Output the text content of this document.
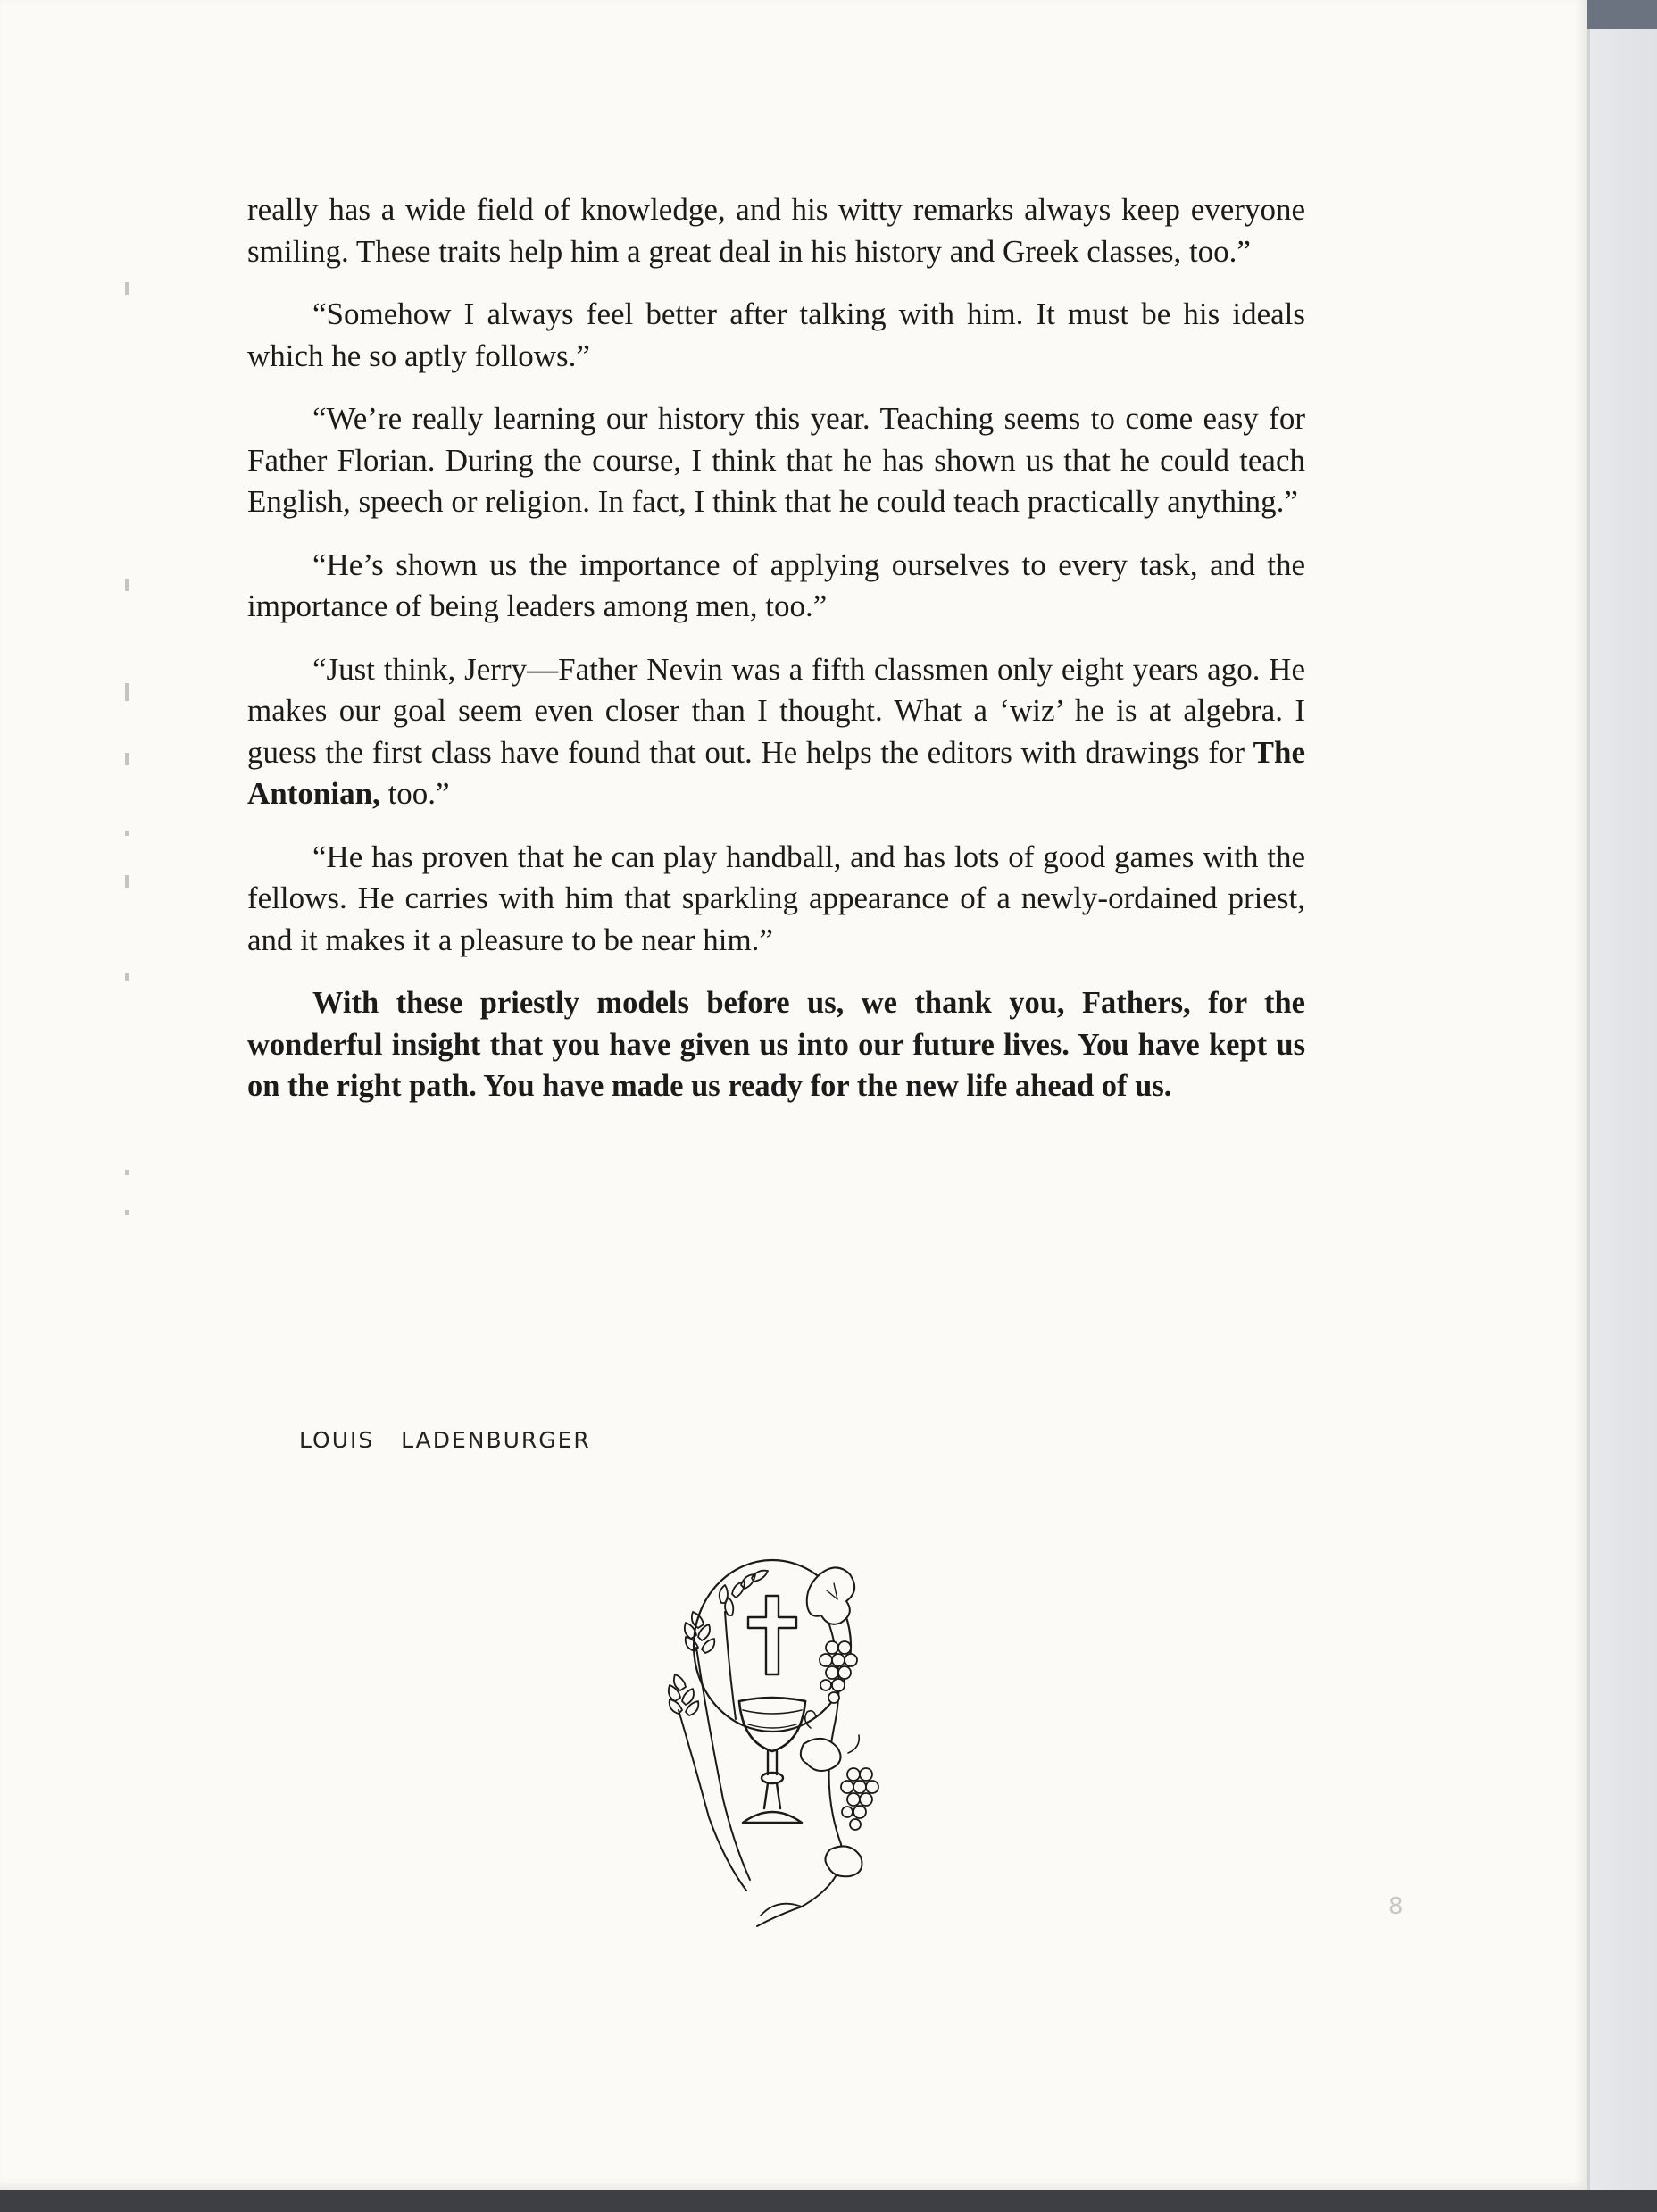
really has a wide field of knowledge, and his witty remarks always keep everyone smiling. These traits help him a great deal in his history and Greek classes, too.”

“Somehow I always feel better after talking with him. It must be his ideals which he so aptly follows.”

“We’re really learning our history this year. Teaching seems to come easy for Father Florian. During the course, I think that he has shown us that he could teach English, speech or religion. In fact, I think that he could teach practically anything.”

“He’s shown us the importance of applying ourselves to every task, and the importance of being leaders among men, too.”

“Just think, Jerry—Father Nevin was a fifth classmen only eight years ago. He makes our goal seem even closer than I thought. What a ‘wiz’ he is at algebra. I guess the first class have found that out. He helps the editors with drawings for The Antonian, too.”

“He has proven that he can play handball, and has lots of good games with the fellows. He carries with him that sparkling appearance of a newly-ordained priest, and it makes it a pleasure to be near him.”

With these priestly models before us, we thank you, Fathers, for the wonderful insight that you have given us into our future lives. You have kept us on the right path. You have made us ready for the new life ahead of us.

LOUIS   LADENBURGER
8
